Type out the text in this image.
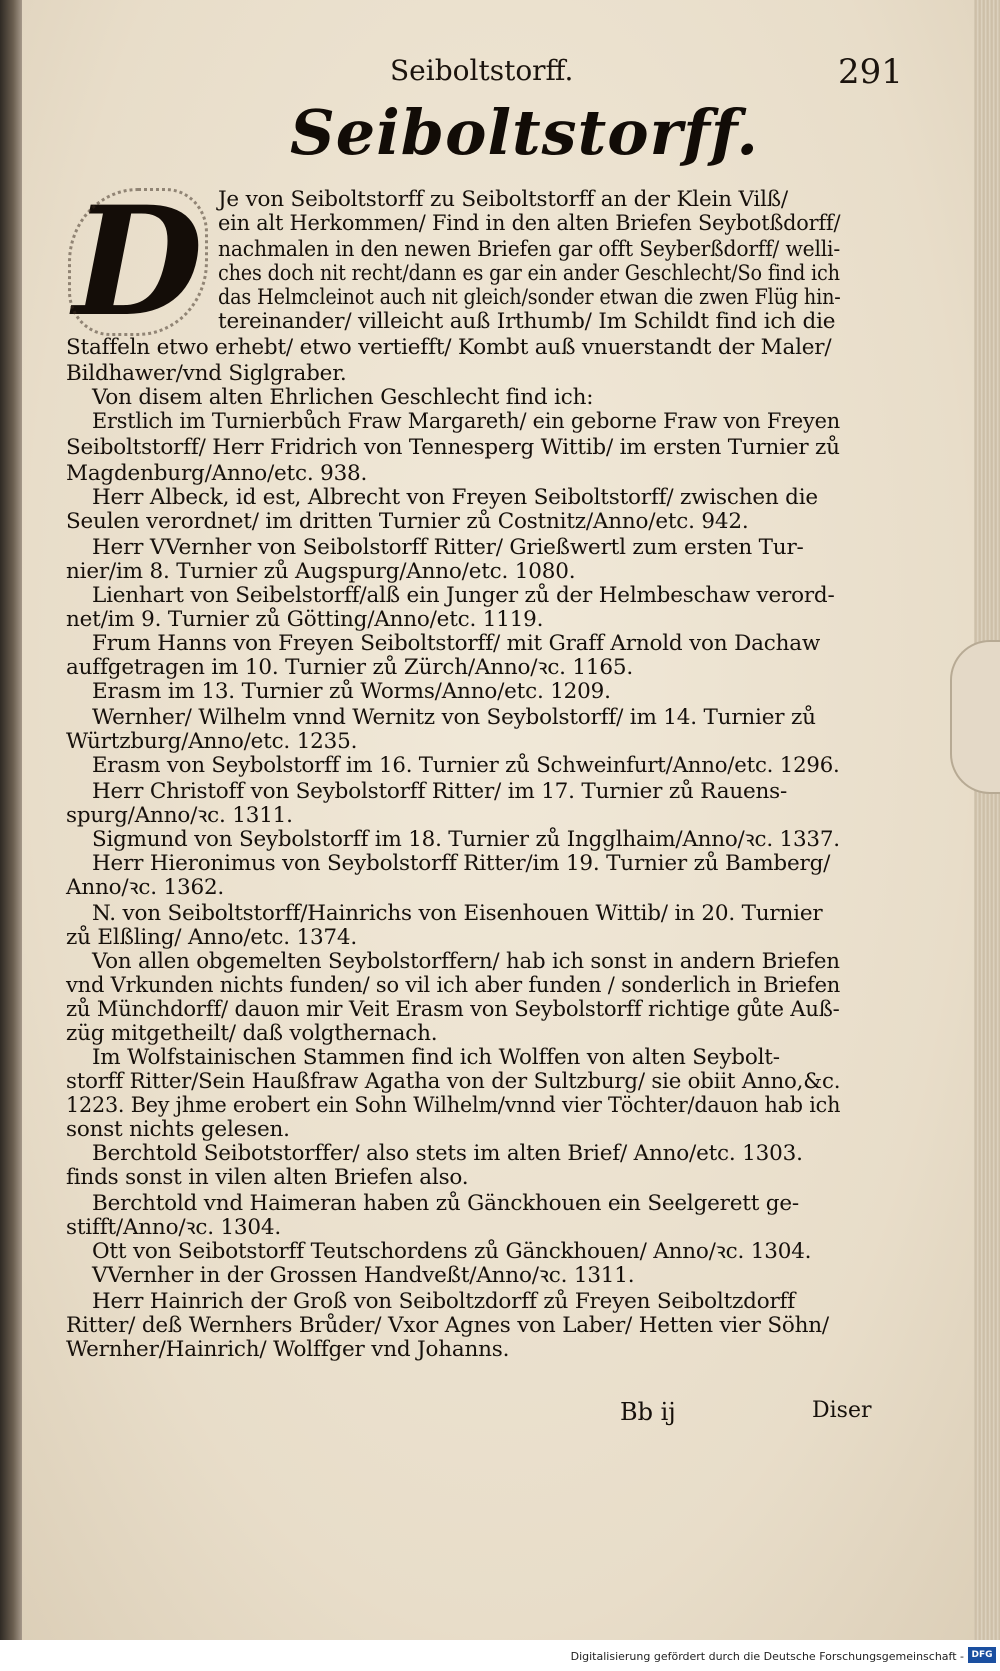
Seiboltstorff.	291
Seiboltstorff.
D Je von Seiboltstorff zu Seiboltstorff an der Klein Vilß/
ein alt Herkommen/ Find in den alten Briefen Seybotßdorff/
nachmalen in den newen Briefen gar offt Seyberßdorff/ welli-
ches doch nit recht/dann es gar ein ander Geschlecht/So find ich
das Helmcleinot auch nit gleich/sonder etwan die zwen Flüg hin-
tereinander/ villeicht auß Irthumb/ Im Schildt find ich die
Staffeln etwo erhebt/ etwo vertiefft/ Kombt auß vnuerstandt der Maler/
Bildhawer/vnd Siglgraber.
Von disem alten Ehrlichen Geschlecht find ich:
Erstlich im Turnierbůch Fraw Margareth/ ein geborne Fraw von Freyen
Seiboltstorff/ Herr Fridrich von Tennesperg Wittib/ im ersten Turnier zů
Magdenburg/Anno/etc. 938.
Herr Albeck, id est, Albrecht von Freyen Seiboltstorff/ zwischen die
Seulen verordnet/ im dritten Turnier zů Costnitz/Anno/etc. 942.
Herr VVernher von Seibolstorff Ritter/ Grießwertl zum ersten Tur-
nier/im 8. Turnier zů Augspurg/Anno/etc. 1080.
Lienhart von Seibelstorff/alß ein Junger zů der Helmbeschaw verord-
net/im 9. Turnier zů Götting/Anno/etc. 1119.
Frum Hanns von Freyen Seiboltstorff/ mit Graff Arnold von Dachaw
auffgetragen im 10. Turnier zů Zürch/Anno/ꝛc. 1165.
Erasm im 13. Turnier zů Worms/Anno/etc. 1209.
Wernher/ Wilhelm vnnd Wernitz von Seybolstorff/ im 14. Turnier zů
Würtzburg/Anno/etc. 1235.
Erasm von Seybolstorff im 16. Turnier zů Schweinfurt/Anno/etc. 1296.
Herr Christoff von Seybolstorff Ritter/ im 17. Turnier zů Rauens-
spurg/Anno/ꝛc. 1311.
Sigmund von Seybolstorff im 18. Turnier zů Ingglhaim/Anno/ꝛc. 1337.
Herr Hieronimus von Seybolstorff Ritter/im 19. Turnier zů Bamberg/
Anno/ꝛc. 1362.
N. von Seiboltstorff/Hainrichs von Eisenhouen Wittib/ in 20. Turnier
zů Elßling/ Anno/etc. 1374.
Von allen obgemelten Seybolstorffern/ hab ich sonst in andern Briefen
vnd Vrkunden nichts funden/ so vil ich aber funden / sonderlich in Briefen
zů Münchdorff/ dauon mir Veit Erasm von Seybolstorff richtige gůte Auß-
züg mitgetheilt/ daß volgthernach.
Im Wolfstainischen Stammen find ich Wolffen von alten Seybolt-
storff Ritter/Sein Haußfraw Agatha von der Sultzburg/ sie obiit Anno,&c.
1223. Bey jhme erobert ein Sohn Wilhelm/vnnd vier Töchter/dauon hab ich
sonst nichts gelesen.
Berchtold Seibotstorffer/ also stets im alten Brief/ Anno/etc. 1303.
finds sonst in vilen alten Briefen also.
Berchtold vnd Haimeran haben zů Gänckhouen ein Seelgerett ge-
stifft/Anno/ꝛc. 1304.
Ott von Seibotstorff Teutschordens zů Gänckhouen/ Anno/ꝛc. 1304.
VVernher in der Grossen Handveßt/Anno/ꝛc. 1311.
Herr Hainrich der Groß von Seiboltzdorff zů Freyen Seiboltzdorff
Ritter/ deß Wernhers Brůder/ Vxor Agnes von Laber/ Hetten vier Söhn/
Wernher/Hainrich/ Wolffger vnd Johanns.
Bb ij	Diser
Digitalisierung gefördert durch die Deutsche Forschungsgemeinschaft - DFG
